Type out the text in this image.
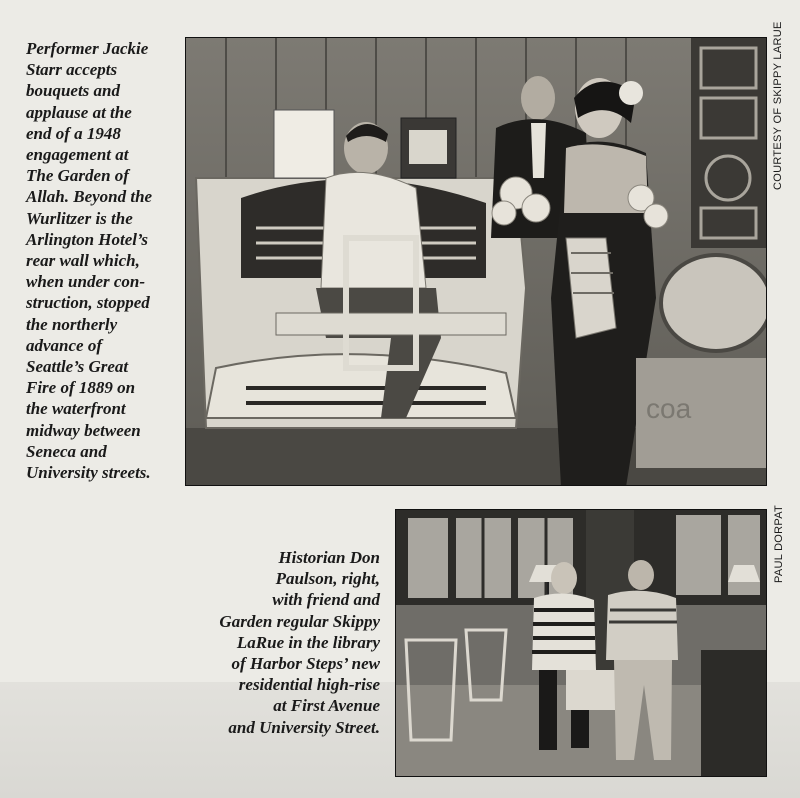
Performer Jackie
Starr accepts
bouquets and
applause at the
end of a 1948
engagement at
The Garden of
Allah. Beyond the
Wurlitzer is the
Arlington Hotel’s
rear wall which,
when under con-
struction, stopped
the northerly
advance of
Seattle’s Great
Fire of 1889 on
the waterfront
midway between
Seneca and
University streets.
coa
COURTESY OF SKIPPY LARUE
PAUL DORPAT
Historian Don
Paulson, right,
with friend and
Garden regular Skippy
LaRue in the library
of Harbor Steps’ new
residential high-rise
at First Avenue
and University Street.
